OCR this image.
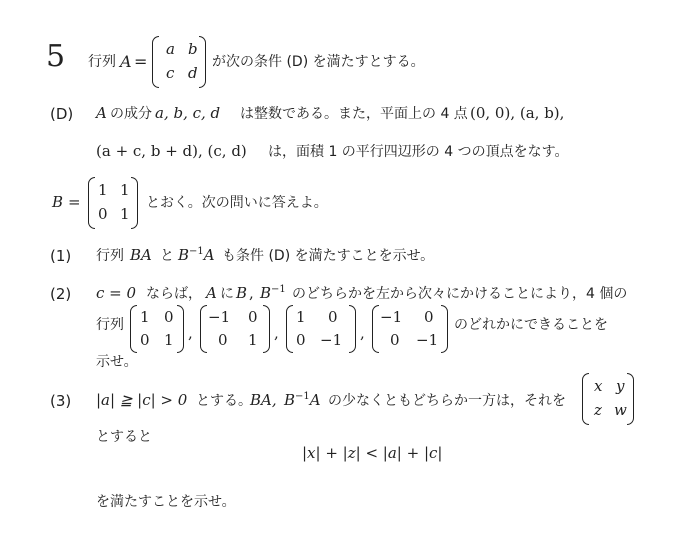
5 行列 A =
a b
c d
が次の条件 (D) を満たすとする。
(D) A の成分 a, b, c, d は整数である。また，平面上の 4 点 (0, 0), (a, b),
(a + c, b + d), (c, d) は，面積 1 の平行四辺形の 4 つの頂点をなす。
B =
1 1
0 1
とおく。次の問いに答えよ。
(1) 行列 BA と $B^{-1}A$ も条件 (D) を満たすことを示せ。
(2) c = 0 ならば， A に B , $B^{-1}$ のどちらかを左から次々にかけることにより，4 個の
行列 1 0
0 1 ,
−1 0
0 1 ,
1 0
0 −1 ,
−1 0
0 −1
のどれかにできることを
示せ。
(3) |a| ≧ |c| > 0 とする。
BA, $B^{-1}A$ の少なくともどちらか一方は，それを
x y
z w
とすると
|x| + |z| < |a| + |c|
を満たすことを示せ。
